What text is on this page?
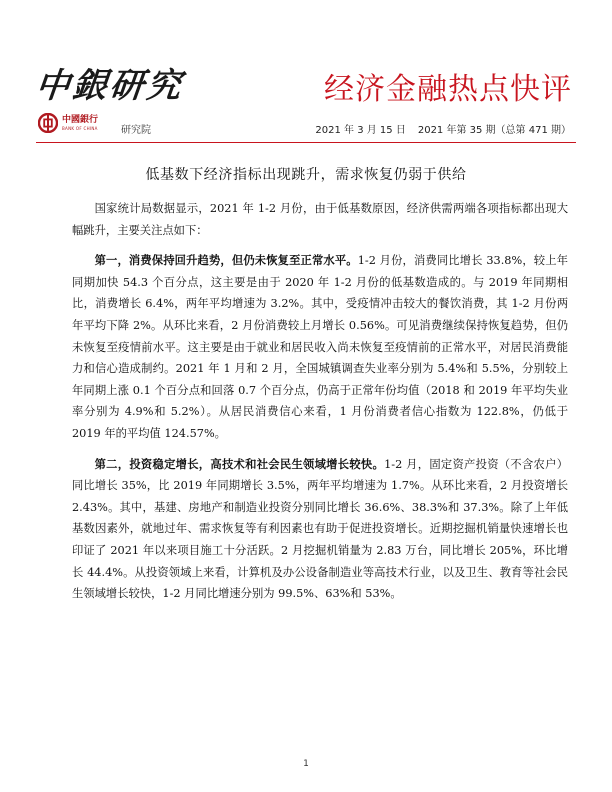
中銀研究	经济金融热点快评
中國銀行
BANK OF CHINA 研究院	2021 年 3 月 15 日 2021 年第 35 期（总第 471 期）
低基数下经济指标出现跳升，需求恢复仍弱于供给

国家统计局数据显示，2021 年 1-2 月份，由于低基数原因，经济供需两端各项指标都出现大幅跳升，主要关注点如下：

第一，消费保持回升趋势，但仍未恢复至正常水平。1-2 月份，消费同比增长 33.8%，较上年同期加快 54.3 个百分点，这主要是由于 2020 年 1-2 月份的低基数造成的。与 2019 年同期相比，消费增长 6.4%，两年平均增速为 3.2%。其中，受疫情冲击较大的餐饮消费，其 1-2 月份两年平均下降 2%。从环比来看，2 月份消费较上月增长 0.56%。可见消费继续保持恢复趋势，但仍未恢复至疫情前水平。这主要是由于就业和居民收入尚未恢复至疫情前的正常水平，对居民消费能力和信心造成制约。2021 年 1 月和 2 月，全国城镇调查失业率分别为 5.4%和 5.5%，分别较上年同期上涨 0.1 个百分点和回落 0.7 个百分点，仍高于正常年份均值（2018 和 2019 年平均失业率分别为 4.9%和 5.2%）。从居民消费信心来看，1 月份消费者信心指数为 122.8%，仍低于 2019 年的平均值 124.57%。

第二，投资稳定增长，高技术和社会民生领域增长较快。1-2 月，固定资产投资（不含农户）同比增长 35%，比 2019 年同期增长 3.5%，两年平均增速为 1.7%。从环比来看，2 月投资增长 2.43%。其中，基建、房地产和制造业投资分别同比增长 36.6%、38.3%和 37.3%。除了上年低基数因素外，就地过年、需求恢复等有利因素也有助于促进投资增长。近期挖掘机销量快速增长也印证了 2021 年以来项目施工十分活跃。2 月挖掘机销量为 2.83 万台，同比增长 205%，环比增长 44.4%。从投资领域上来看，计算机及办公设备制造业等高技术行业，以及卫生、教育等社会民生领域增长较快，1-2 月同比增速分别为 99.5%、63%和 53%。

1
